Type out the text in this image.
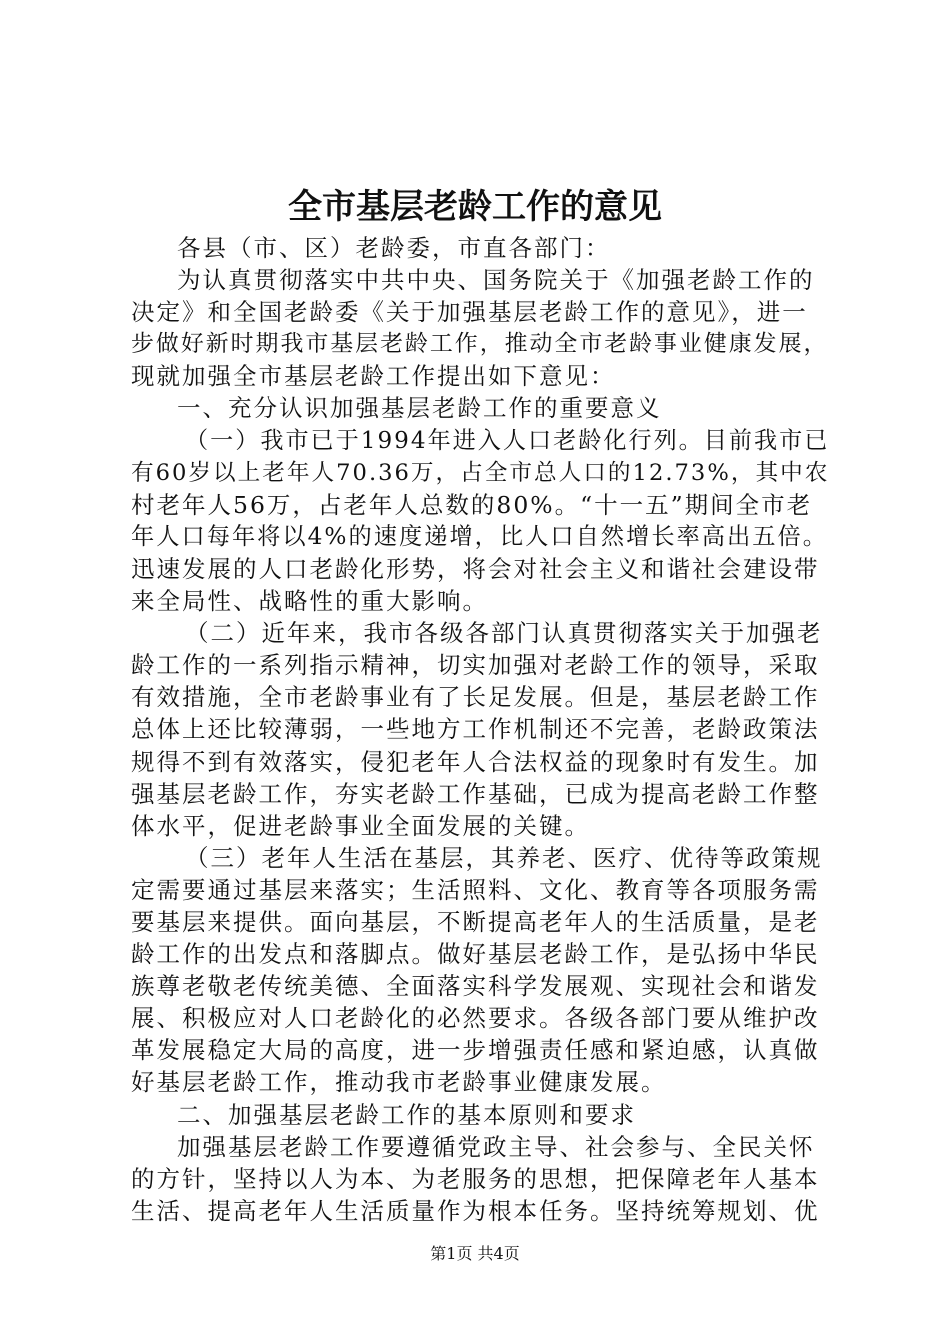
全市基层老龄工作的意见
各县（市、区）老龄委，市直各部门：
为认真贯彻落实中共中央、国务院关于《加强老龄工作的
决定》和全国老龄委《关于加强基层老龄工作的意见》，进一
步做好新时期我市基层老龄工作，推动全市老龄事业健康发展，
现就加强全市基层老龄工作提出如下意见：
一、充分认识加强基层老龄工作的重要意义
（一）我市已于1994年进入人口老龄化行列。目前我市已
有60岁以上老年人70.36万，占全市总人口的12.73%，其中农
村老年人56万，占老年人总数的80%。“十一五”期间全市老
年人口每年将以4%的速度递增，比人口自然增长率高出五倍。
迅速发展的人口老龄化形势，将会对社会主义和谐社会建设带
来全局性、战略性的重大影响。
（二）近年来，我市各级各部门认真贯彻落实关于加强老
龄工作的一系列指示精神，切实加强对老龄工作的领导，采取
有效措施，全市老龄事业有了长足发展。但是，基层老龄工作
总体上还比较薄弱，一些地方工作机制还不完善，老龄政策法
规得不到有效落实，侵犯老年人合法权益的现象时有发生。加
强基层老龄工作，夯实老龄工作基础，已成为提高老龄工作整
体水平，促进老龄事业全面发展的关键。
（三）老年人生活在基层，其养老、医疗、优待等政策规
定需要通过基层来落实；生活照料、文化、教育等各项服务需
要基层来提供。面向基层，不断提高老年人的生活质量，是老
龄工作的出发点和落脚点。做好基层老龄工作，是弘扬中华民
族尊老敬老传统美德、全面落实科学发展观、实现社会和谐发
展、积极应对人口老龄化的必然要求。各级各部门要从维护改
革发展稳定大局的高度，进一步增强责任感和紧迫感，认真做
好基层老龄工作，推动我市老龄事业健康发展。
二、加强基层老龄工作的基本原则和要求
加强基层老龄工作要遵循党政主导、社会参与、全民关怀
的方针，坚持以人为本、为老服务的思想，把保障老年人基本
生活、提高老年人生活质量作为根本任务。坚持统筹规划、优
第1页 共4页
